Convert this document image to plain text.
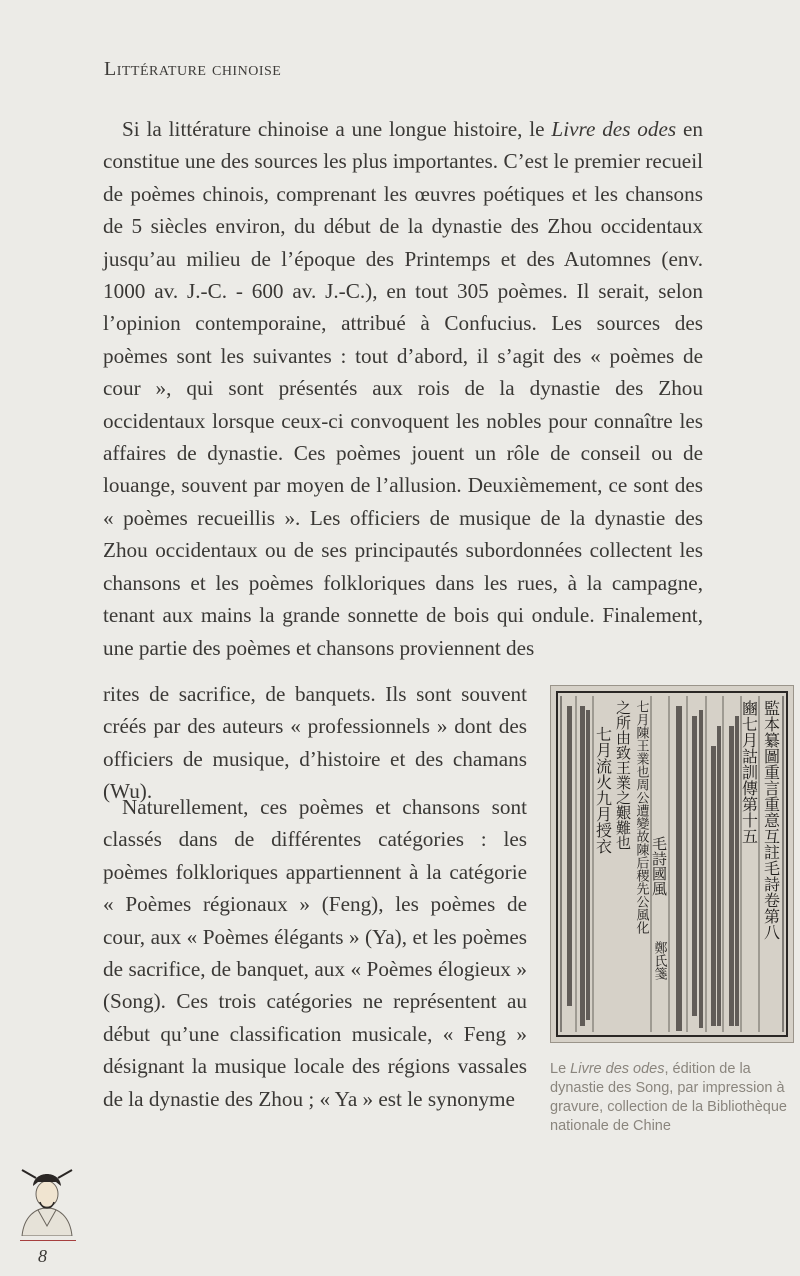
Littérature chinoise

Si la littérature chinoise a une longue histoire, le Livre des odes en constitue une des sources les plus importantes. C’est le premier recueil de poèmes chinois, comprenant les œuvres poétiques et les chansons de 5 siècles environ, du début de la dynastie des Zhou occidentaux jusqu’au milieu de l’époque des Printemps et des Automnes (env. 1000 av. J.-C. - 600 av. J.-C.), en tout 305 poèmes. Il serait, selon l’opinion contemporaine, attribué à Confucius. Les sources des poèmes sont les suivantes : tout d’abord, il s’agit des « poèmes de cour », qui sont présentés aux rois de la dynastie des Zhou occidentaux lorsque ceux-ci convoquent les nobles pour connaître les affaires de dynastie. Ces poèmes jouent un rôle de conseil ou de louange, souvent par moyen de l’allusion. Deuxièmement, ce sont des « poèmes recueillis ». Les officiers de musique de la dynastie des Zhou occidentaux ou de ses principautés subordonnées collectent les chansons et les poèmes folkloriques dans les rues, à la campagne, tenant aux mains la grande sonnette de bois qui ondule. Finalement, une partie des poèmes et chansons proviennent des

rites de sacrifice, de banquets. Ils sont souvent créés par des auteurs « professionnels » dont des officiers de musique, d’histoire et des chamans (Wu).

Naturellement, ces poèmes et chansons sont classés dans de différentes catégories : les poèmes folkloriques appartiennent à la catégorie « Poèmes régionaux » (Feng), les poèmes de cour, aux « Poèmes élégants » (Ya), et les poèmes de sacrifice, de banquet, aux « Poèmes élogieux » (Song). Ces trois catégories ne représentent au début qu’une classification musicale, « Feng » désignant la musique locale des régions vassales de la dynastie des Zhou ; « Ya » est le synonyme

監本纂圖重言重意互註毛詩卷第八
豳七月詁訓傳第十五
毛詩國風
鄭氏箋
七月陳王業也周公遭變故陳后稷先公風化
之所由致王業之艱難也
七月流火九月授衣
Le Livre des odes, édition de la dynastie des Song, par impression à gravure, collection de la Bibliothèque nationale de Chine
8
